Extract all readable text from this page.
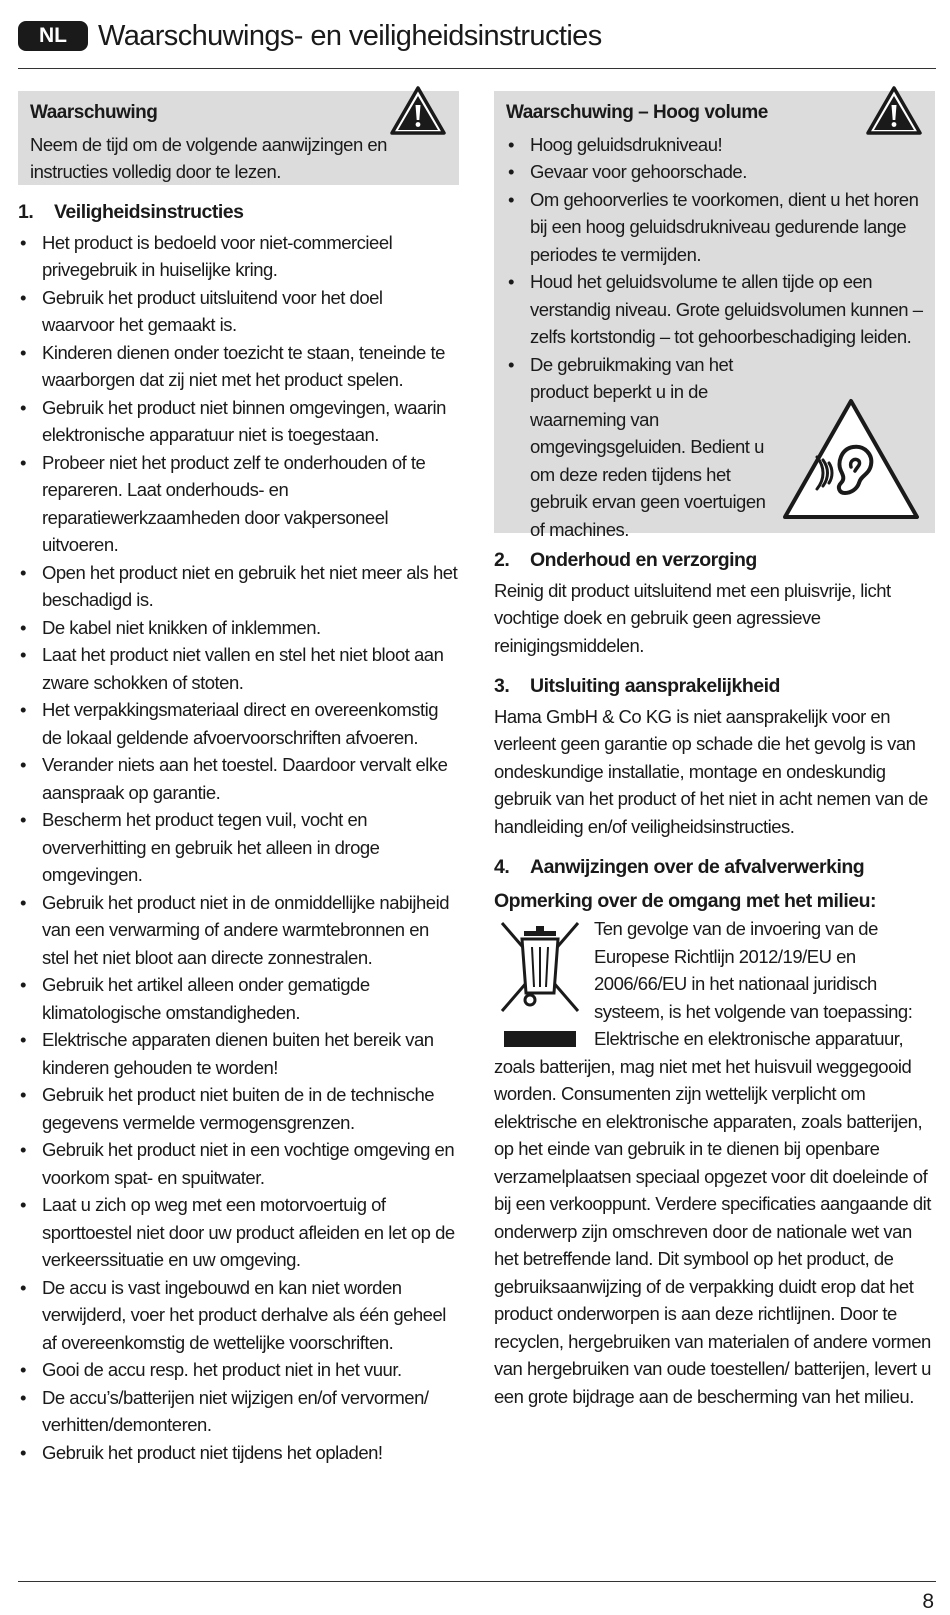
NL	Waarschuwings- en veiligheidsinstructies
Waarschuwing
Neem de tijd om de volgende aanwijzingen en instructies volledig door te lezen.
1.	Veiligheidsinstructies
• Het product is bedoeld voor niet-commercieel privegebruik in huiselijke kring.
• Gebruik het product uitsluitend voor het doel waarvoor het gemaakt is.
• Kinderen dienen onder toezicht te staan, teneinde te waarborgen dat zij niet met het product spelen.
• Gebruik het product niet binnen omgevingen, waarin elektronische apparatuur niet is toegestaan.
• Probeer niet het product zelf te onderhouden of te repareren. Laat onderhouds- en reparatiewerkzaamheden door vakpersoneel uitvoeren.
• Open het product niet en gebruik het niet meer als het beschadigd is.
• De kabel niet knikken of inklemmen.
• Laat het product niet vallen en stel het niet bloot aan zware schokken of stoten.
• Het verpakkingsmateriaal direct en overeenkomstig de lokaal geldende afvoervoorschriften afvoeren.
• Verander niets aan het toestel. Daardoor vervalt elke aanspraak op garantie.
• Bescherm het product tegen vuil, vocht en oververhitting en gebruik het alleen in droge omgevingen.
• Gebruik het product niet in de onmiddellijke nabijheid van een verwarming of andere warmtebronnen en stel het niet bloot aan directe zonnestralen.
• Gebruik het artikel alleen onder gematigde klimatologische omstandigheden.
• Elektrische apparaten dienen buiten het bereik van kinderen gehouden te worden!
• Gebruik het product niet buiten de in de technische gegevens vermelde vermogensgrenzen.
• Gebruik het product niet in een vochtige omgeving en voorkom spat- en spuitwater.
• Laat u zich op weg met een motorvoertuig of sporttoestel niet door uw product afleiden en let op de verkeerssituatie en uw omgeving.
• De accu is vast ingebouwd en kan niet worden verwijderd, voer het product derhalve als één geheel af overeenkomstig de wettelijke voorschriften.
• Gooi de accu resp. het product niet in het vuur.
• De accu’s/batterijen niet wijzigen en/of vervormen/ verhitten/demonteren.
• Gebruik het product niet tijdens het opladen!
Waarschuwing – Hoog volume
• Hoog geluidsdrukniveau!
• Gevaar voor gehoorschade.
• Om gehoorverlies te voorkomen, dient u het horen bij een hoog geluidsdrukniveau gedurende lange periodes te vermijden.
• Houd het geluidsvolume te allen tijde op een verstandig niveau. Grote geluidsvolumen kunnen – zelfs kortstondig – tot gehoorbeschadiging leiden.
• De gebruikmaking van het product beperkt u in de waarneming van omgevingsgeluiden. Bedient u om deze reden tijdens het gebruik ervan geen voertuigen of machines.
2.	Onderhoud en verzorging

Reinig dit product uitsluitend met een pluisvrije, licht vochtige doek en gebruik geen agressieve reinigingsmiddelen.

3.	Uitsluiting aansprakelijkheid

Hama GmbH & Co KG is niet aansprakelijk voor en verleent geen garantie op schade die het gevolg is van ondeskundige installatie, montage en ondeskundig gebruik van het product of het niet in acht nemen van de handleiding en/of veiligheidsinstructies.

4.	Aanwijzingen over de afvalverwerking
Opmerking over de omgang met het milieu:
Ten gevolge van de invoering van de Europese Richtlijn 2012/19/EU en 2006/66/EU in het nationaal juridisch systeem, is het volgende van toepassing: Elektrische en elektronische apparatuur, zoals batterijen, mag niet met het huisvuil weggegooid worden. Consumenten zijn wettelijk verplicht om elektrische en elektronische apparaten, zoals batterijen, op het einde van gebruik in te dienen bij openbare verzamelplaatsen speciaal opgezet voor dit doeleinde of bij een verkooppunt. Verdere specificaties aangaande dit onderwerp zijn omschreven door de nationale wet van het betreffende land. Dit symbool op het product, de gebruiksaanwijzing of de verpakking duidt erop dat het product onderworpen is aan deze richtlijnen. Door te recyclen, hergebruiken van materialen of andere vormen van hergebruiken van oude toestellen/ batterijen, levert u een grote bijdrage aan de bescherming van het milieu.
8
